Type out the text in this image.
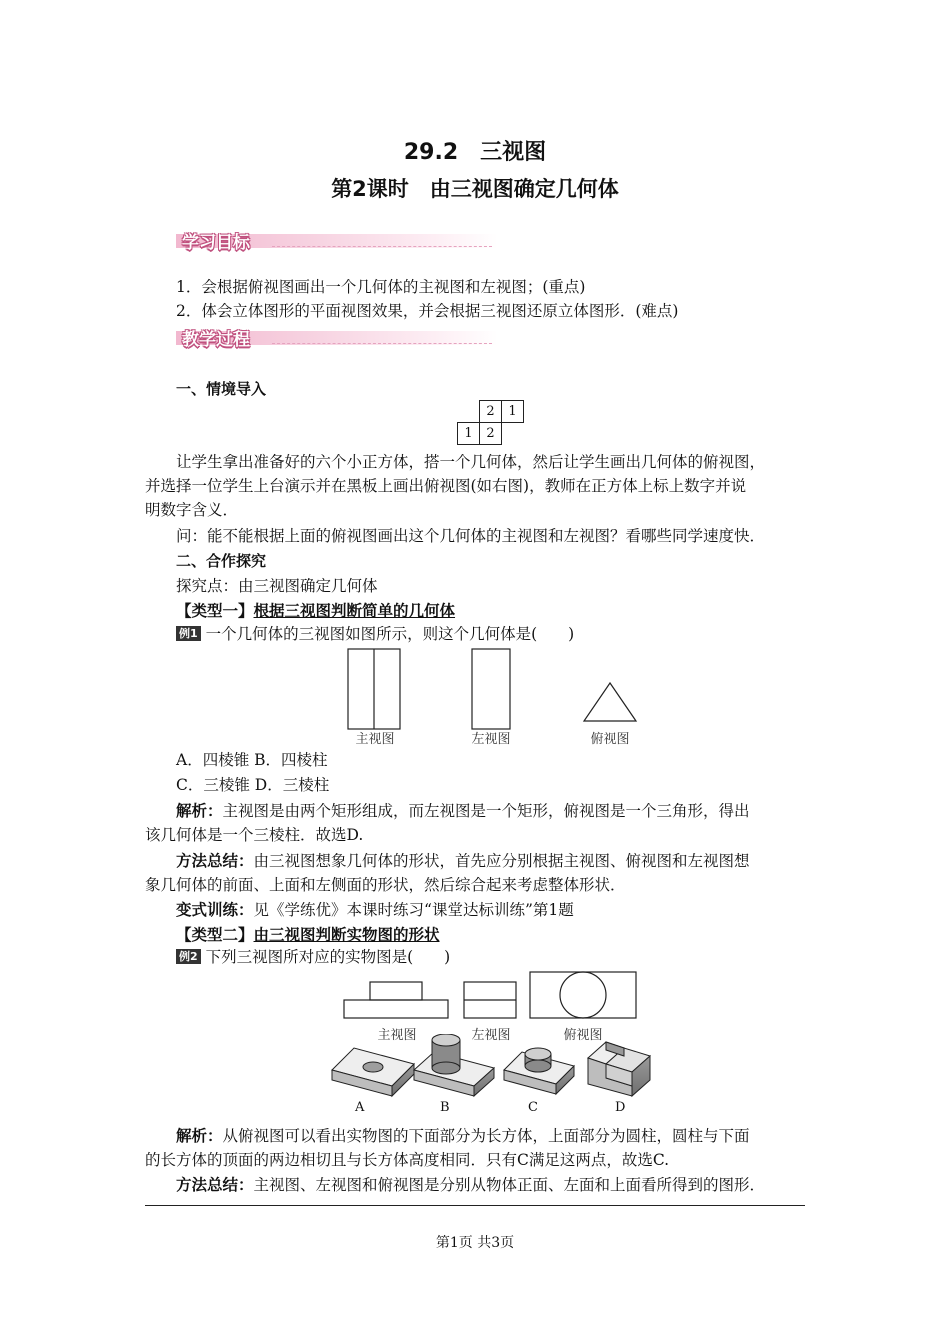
29.2　三视图
第2课时　由三视图确定几何体
学习目标
1．会根据俯视图画出一个几何体的主视图和左视图；(重点)
2．体会立体图形的平面视图效果，并会根据三视图还原立体图形．(难点)
教学过程
一、情境导入
	2	1
1	2	
让学生拿出准备好的六个小正方体，搭一个几何体，然后让学生画出几何体的俯视图，
并选择一位学生上台演示并在黑板上画出俯视图(如右图)，教师在正方体上标上数字并说
明数字含义．
问：能不能根据上面的俯视图画出这个几何体的主视图和左视图？看哪些同学速度快．
二、合作探究
探究点：由三视图确定几何体
【类型一】根据三视图判断简单的几何体
例1 一个几何体的三视图如图所示，则这个几何体是(　　)
主视图	左视图	俯视图
A．四棱锥 B．四棱柱
C．三棱锥 D．三棱柱
解析：主视图是由两个矩形组成，而左视图是一个矩形，俯视图是一个三角形，得出
该几何体是一个三棱柱．故选D.
方法总结：由三视图想象几何体的形状，首先应分别根据主视图、俯视图和左视图想
象几何体的前面、上面和左侧面的形状，然后综合起来考虑整体形状．
变式训练：见《学练优》本课时练习“课堂达标训练”第1题
【类型二】由三视图判断实物图的形状
例2 下列三视图所对应的实物图是(　　)
主视图	左视图	俯视图
A	B	C	D
解析：从俯视图可以看出实物图的下面部分为长方体，上面部分为圆柱，圆柱与下面
的长方体的顶面的两边相切且与长方体高度相同．只有C满足这两点，故选C.
方法总结：主视图、左视图和俯视图是分别从物体正面、左面和上面看所得到的图形．
第1页 共3页
